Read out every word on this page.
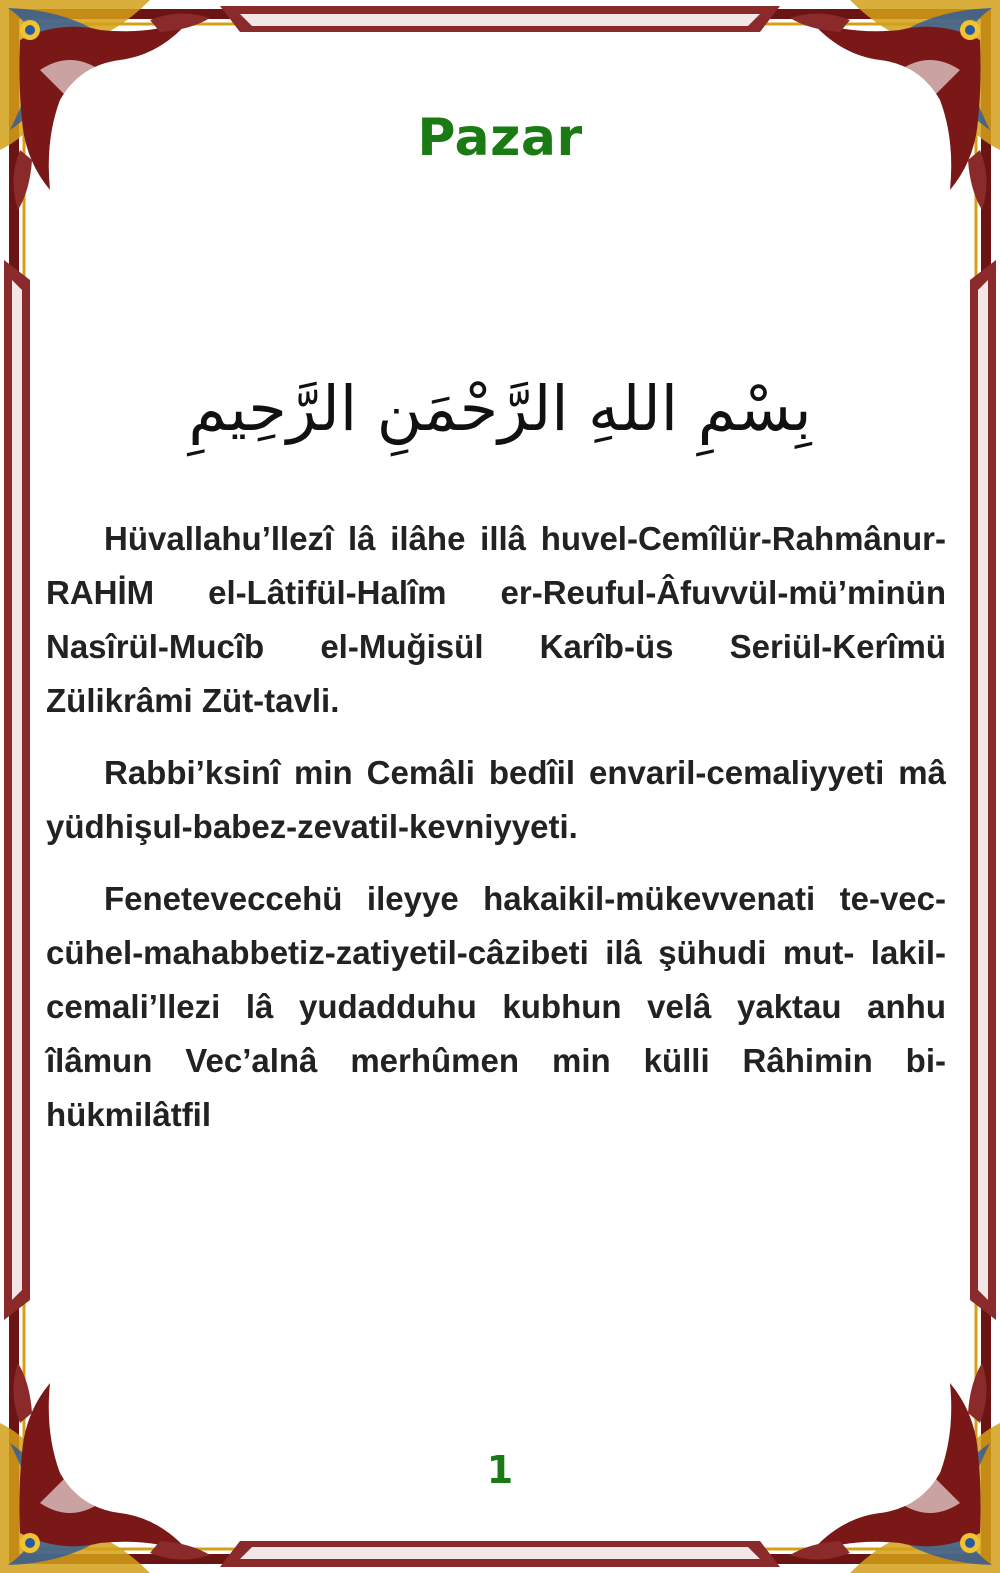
Pazar
بِسْمِ اللهِ الرَّحْمَنِ الرَّحِيمِ

Hüvallahu’llezî lâ ilâhe illâ huvel-Cemîlür-Rahmânur-RAHİM el-Lâtifül-Halîm er-Reuful-Âfuvvül-mü’minün Nasîrül-Mucîb el-Muğisül Karîb-üs Seriül-Kerîmü Zülikrâmi Züt-tavli.

Rabbi’ksinî min Cemâli bedîil envaril-cemaliyyeti mâ yüdhişul-babez-zevatil-kevniyyeti.

Feneteveccehü ileyye hakaikil-mükevvenati te-vec-cühel-mahabbetiz-zatiyetil-câzibeti ilâ şühudi mut- lakil-cemali’llezi lâ yudadduhu kubhun velâ yaktau anhu îlâmun Vec’alnâ merhûmen min külli Râhimin bi-hükmilâtfil

1
